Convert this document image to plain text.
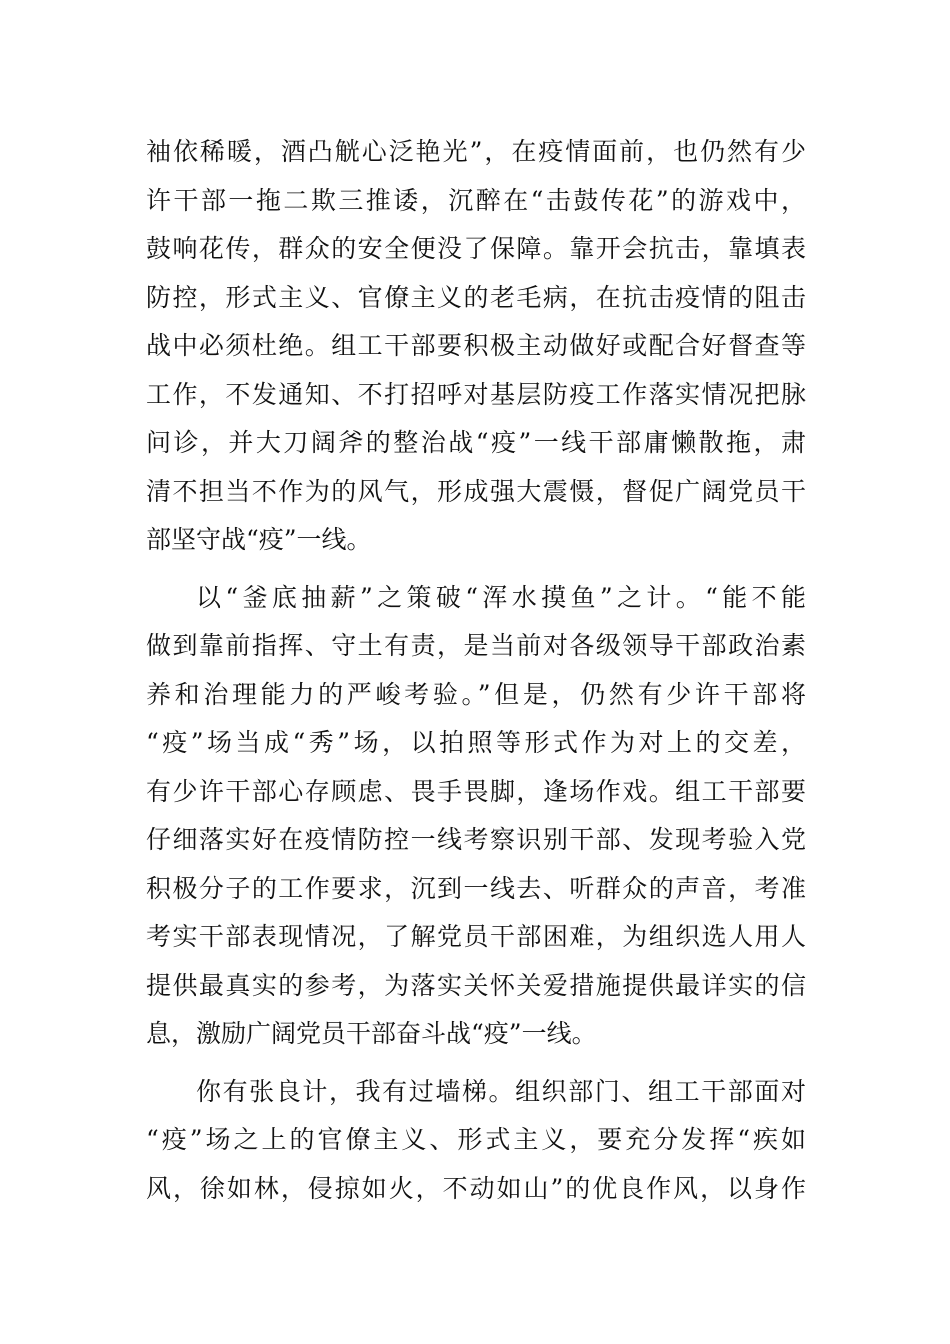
袖依稀暖，酒凸觥心泛艳光”，在疫情面前，也仍然有少
许干部一拖二欺三推诿，沉醉在“击鼓传花”的游戏中，
鼓响花传，群众的安全便没了保障。靠开会抗击，靠填表
防控，形式主义、官僚主义的老毛病，在抗击疫情的阻击
战中必须杜绝。组工干部要积极主动做好或配合好督查等
工作，不发通知、不打招呼对基层防疫工作落实情况把脉
问诊，并大刀阔斧的整治战“疫”一线干部庸懒散拖，肃
清不担当不作为的风气，形成强大震慑，督促广阔党员干
部坚守战“疫”一线。
以“釜底抽薪”之策破“浑水摸鱼”之计。“能不能
做到靠前指挥、守土有责，是当前对各级领导干部政治素
养和治理能力的严峻考验。”但是，仍然有少许干部将
“疫”场当成“秀”场，以拍照等形式作为对上的交差，
有少许干部心存顾虑、畏手畏脚，逢场作戏。组工干部要
仔细落实好在疫情防控一线考察识别干部、发现考验入党
积极分子的工作要求，沉到一线去、听群众的声音，考准
考实干部表现情况，了解党员干部困难，为组织选人用人
提供最真实的参考，为落实关怀关爱措施提供最详实的信
息，激励广阔党员干部奋斗战“疫”一线。
你有张良计，我有过墙梯。组织部门、组工干部面对
“疫”场之上的官僚主义、形式主义，要充分发挥“疾如
风，徐如林，侵掠如火，不动如山”的优良作风，以身作
